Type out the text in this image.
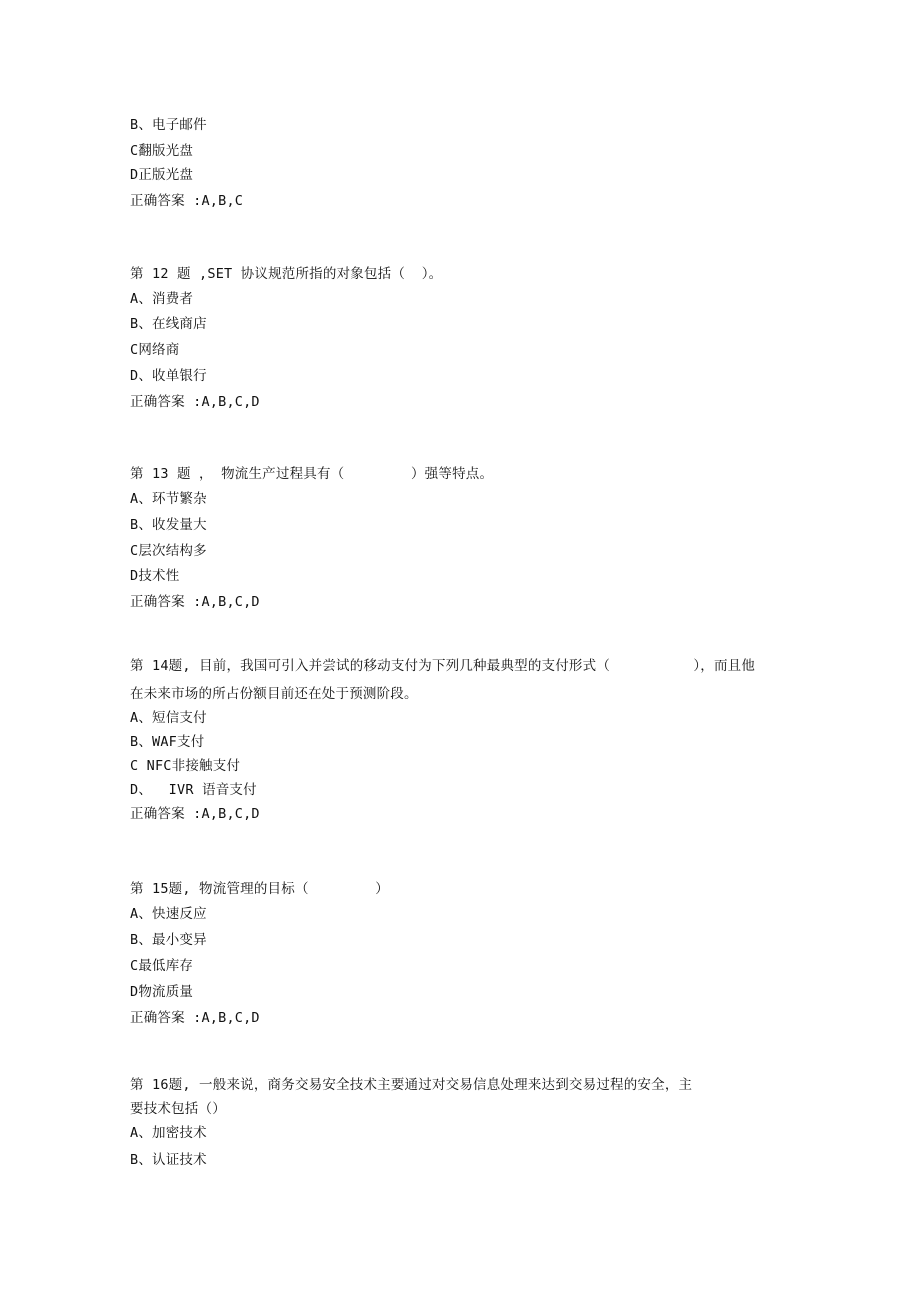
B、电子邮件
C翻版光盘
D正版光盘
正确答案 :A,B,C
第 12 题 ,SET 协议规范所指的对象包括（  ）。
A、消费者
B、在线商店
C网络商
D、收单银行
正确答案 :A,B,C,D
第 13 题 ， 物流生产过程具有（        ）强等特点。
A、环节繁杂
B、收发量大
C层次结构多
D技术性
正确答案 :A,B,C,D
第 14题, 目前，我国可引入并尝试的移动支付为下列几种最典型的支付形式（          ），而且他
在未来市场的所占份额目前还在处于预测阶段。
A、短信支付
B、WAF支付
C NFC非接触支付
D、  IVR 语音支付
正确答案 :A,B,C,D
第 15题, 物流管理的目标（        ）
A、快速反应
B、最小变异
C最低库存
D物流质量
正确答案 :A,B,C,D
第 16题, 一般来说，商务交易安全技术主要通过对交易信息处理来达到交易过程的安全，主
要技术包括（）
A、加密技术
B、认证技术
